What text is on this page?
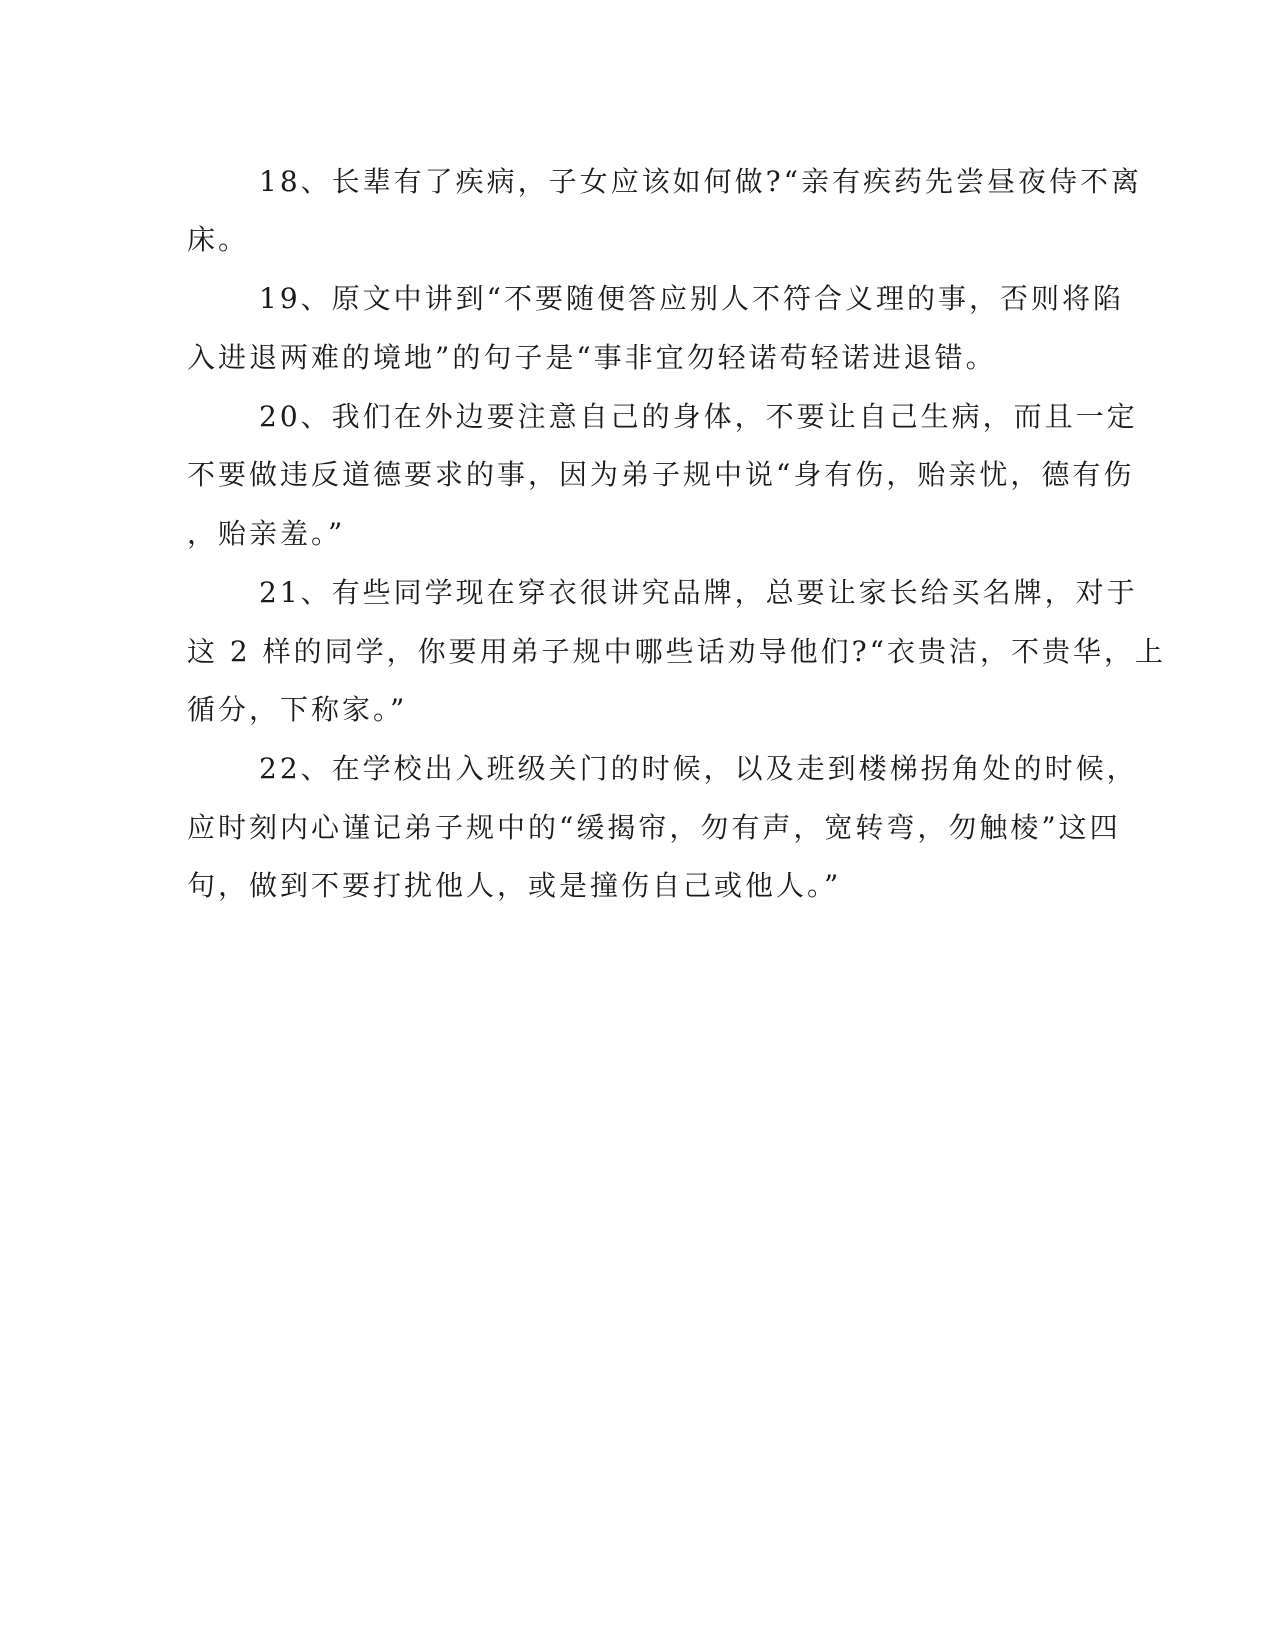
18、长辈有了疾病，子女应该如何做?“亲有疾药先尝昼夜侍不离
床。
19、原文中讲到“不要随便答应别人不符合义理的事，否则将陷
入进退两难的境地”的句子是“事非宜勿轻诺苟轻诺进退错。
20、我们在外边要注意自己的身体，不要让自己生病，而且一定
不要做违反道德要求的事，因为弟子规中说“身有伤，贻亲忧，德有伤
，贻亲羞。”
21、有些同学现在穿衣很讲究品牌，总要让家长给买名牌，对于
这 2 样的同学，你要用弟子规中哪些话劝导他们?“衣贵洁，不贵华，上
循分，下称家。”
22、在学校出入班级关门的时候，以及走到楼梯拐角处的时候，
应时刻内心谨记弟子规中的“缓揭帘，勿有声，宽转弯，勿触棱”这四
句，做到不要打扰他人，或是撞伤自己或他人。”
